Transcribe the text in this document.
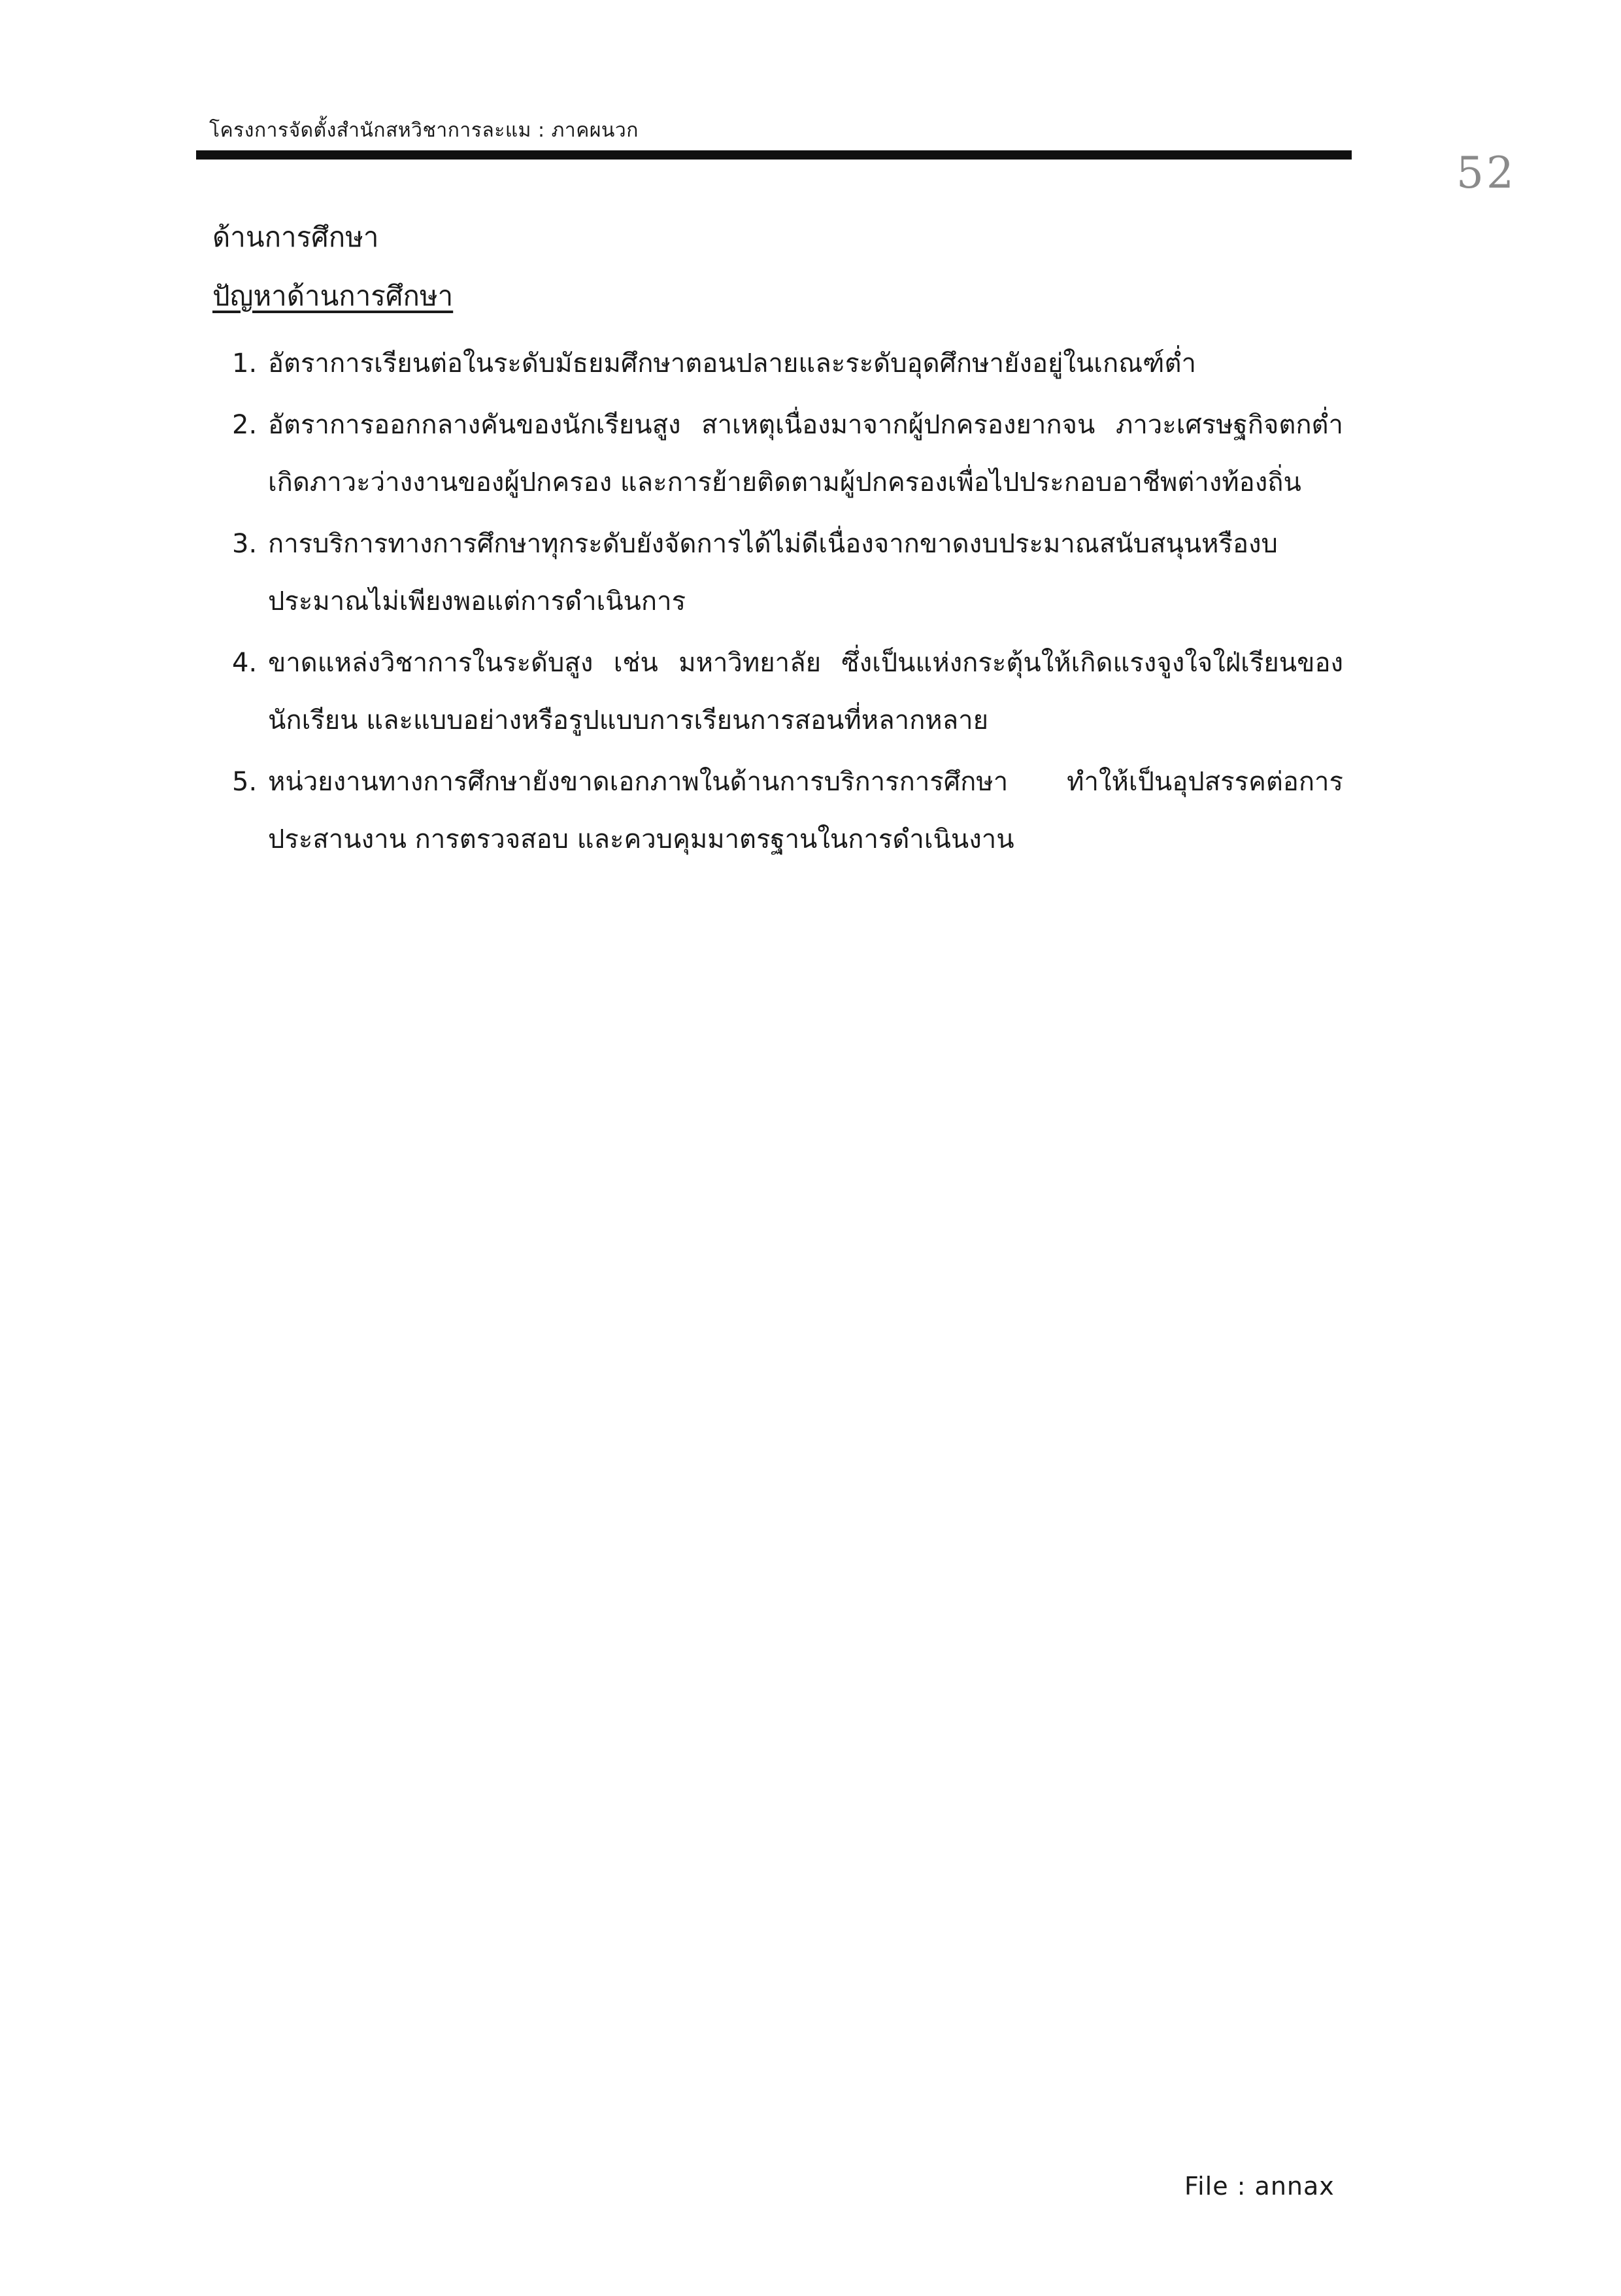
โครงการจัดตั้งสำนักสหวิชาการละแม : ภาคผนวก
52
ด้านการศึกษา
ปัญหาด้านการศึกษา
1. อัตราการเรียนต่อในระดับมัธยมศึกษาตอนปลายและระดับอุดศึกษายังอยู่ในเกณฑ์ต่ำ
2. อัตราการออกกลางคันของนักเรียนสูง สาเหตุเนื่องมาจากผู้ปกครองยากจน ภาวะเศรษฐกิจตกต่ำ เกิดภาวะว่างงานของผู้ปกครอง และการย้ายติดตามผู้ปกครองเพื่อไปประกอบอาชีพต่างท้องถิ่น
3. การบริการทางการศึกษาทุกระดับยังจัดการได้ไม่ดีเนื่องจากขาดงบประมาณสนับสนุนหรืองบประมาณไม่เพียงพอแต่การดำเนินการ
4. ขาดแหล่งวิชาการในระดับสูง เช่น มหาวิทยาลัย ซึ่งเป็นแห่งกระตุ้นให้เกิดแรงจูงใจใฝ่เรียนของนักเรียน และแบบอย่างหรือรูปแบบการเรียนการสอนที่หลากหลาย
5. หน่วยงานทางการศึกษายังขาดเอกภาพในด้านการบริการการศึกษา ทำให้เป็นอุปสรรคต่อการประสานงาน การตรวจสอบ และควบคุมมาตรฐานในการดำเนินงาน
File : annax
